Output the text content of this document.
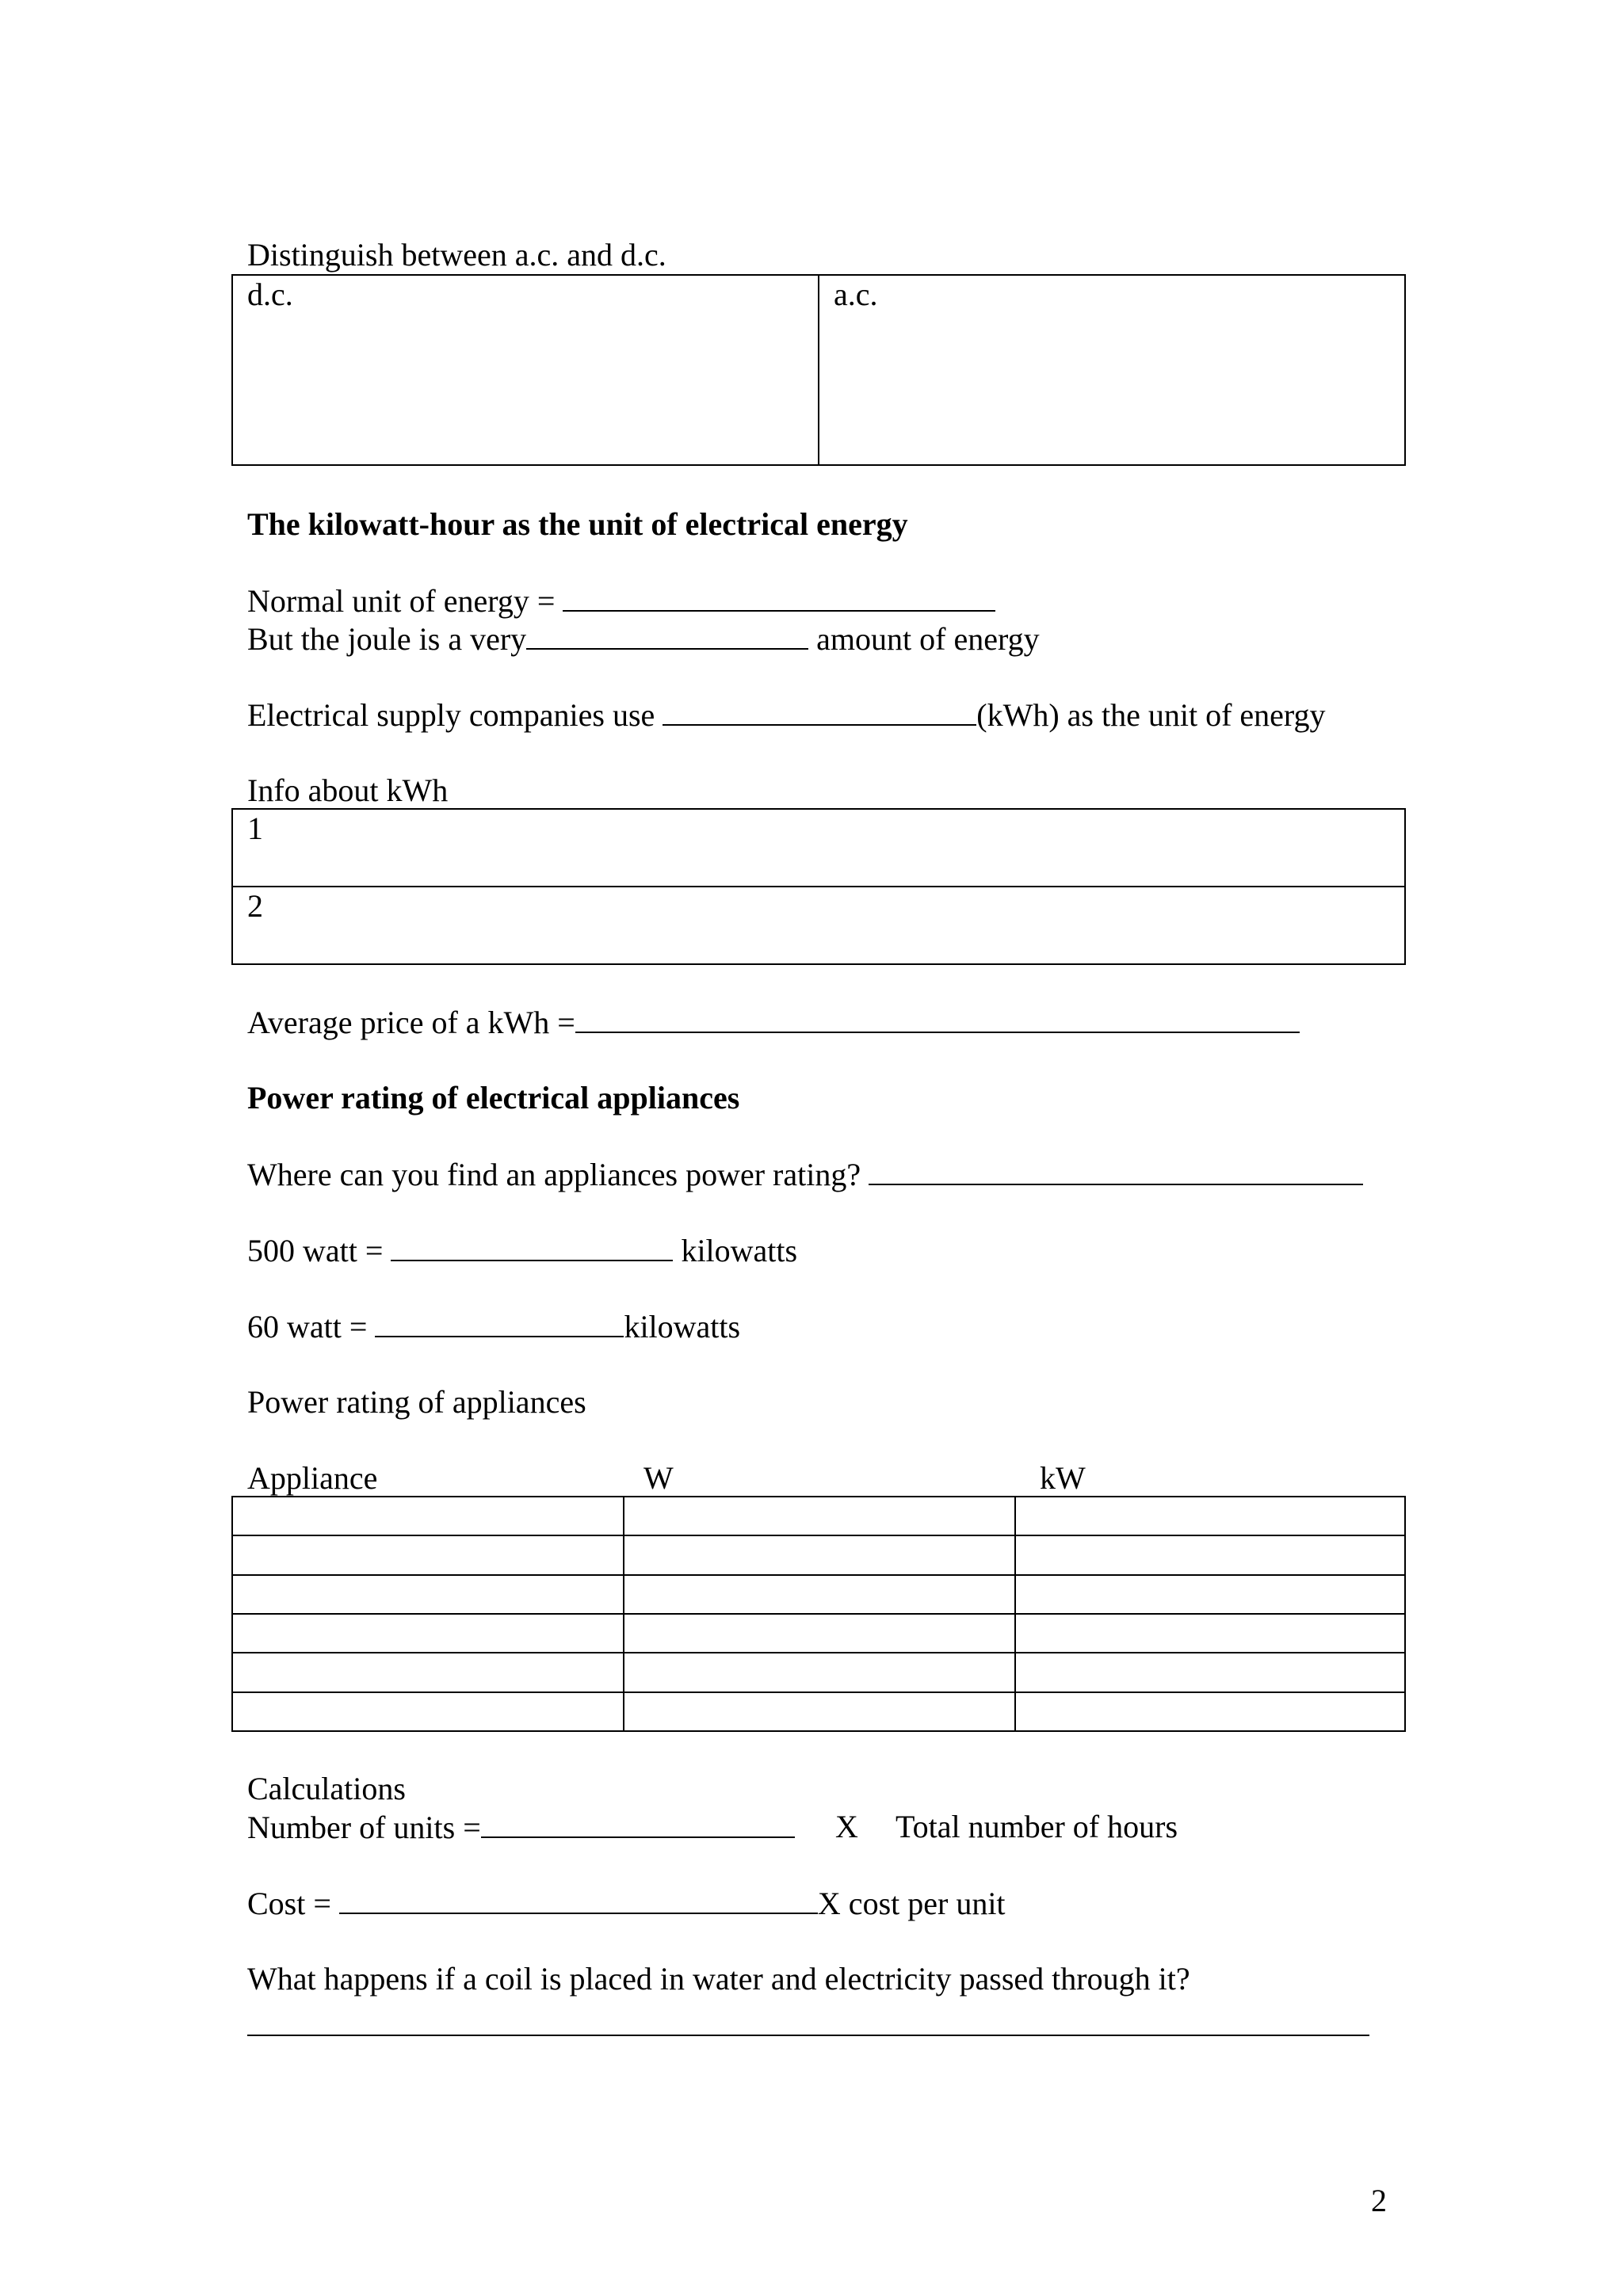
Distinguish between a.c. and d.c.

d.c.	a.c.

The kilowatt-hour as the unit of electrical energy

Normal unit of energy =

But the joule is a very	amount of energy

Electrical supply companies use	(kWh) as the unit of energy

Info about kWh

1

2

Average price of a kWh =

Power rating of electrical appliances

Where can you find an appliances power rating?

500 watt =	kilowatts

60 watt =	kilowatts

Power rating of appliances

Appliance	W	kW

Calculations

Number of units =	X Total number of hours

Cost =	X cost per unit

What happens if a coil is placed in water and electricity passed through it?

2
